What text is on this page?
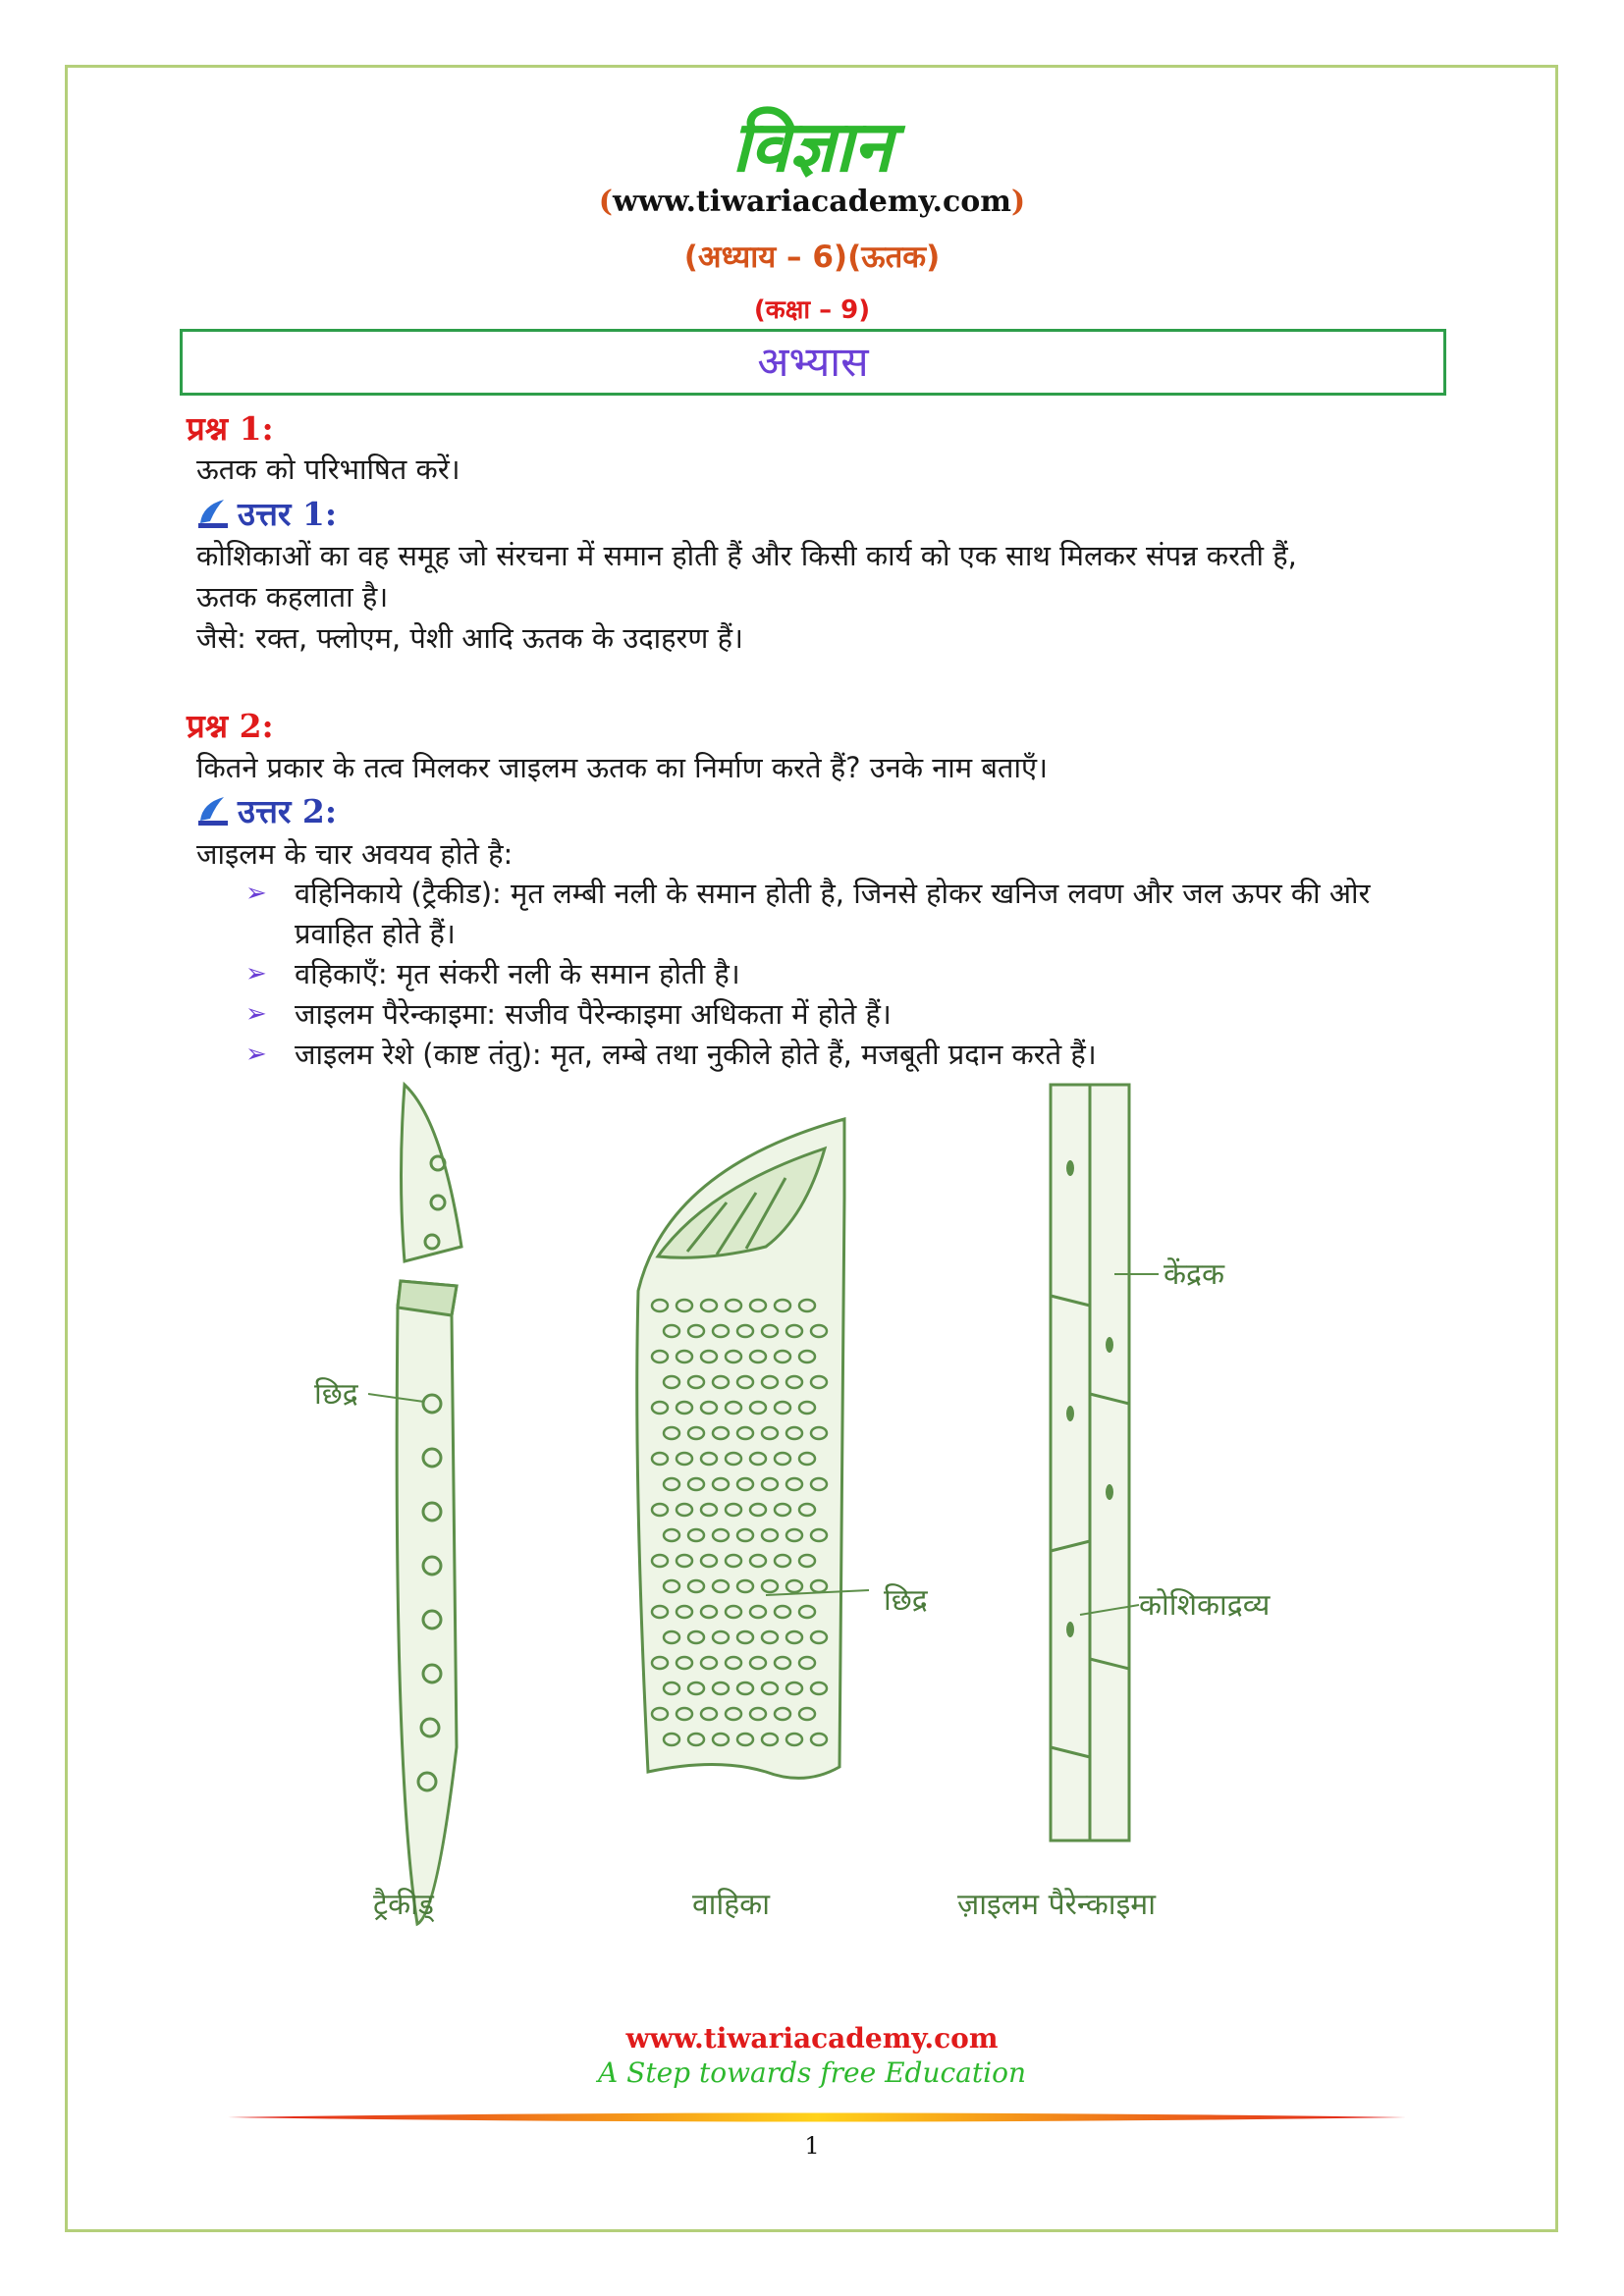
विज्ञान
(www.tiwariacademy.com)
(अध्याय – 6)(ऊतक)
(कक्षा – 9)
अभ्यास
प्रश्न 1:
ऊतक को परिभाषित करें।
उत्तर 1:
कोशिकाओं का वह समूह जो संरचना में समान होती हैं और किसी कार्य को एक साथ मिलकर संपन्न करती हैं,
ऊतक कहलाता है।
जैसे: रक्त, फ्लोएम, पेशी आदि ऊतक के उदाहरण हैं।
प्रश्न 2:
कितने प्रकार के तत्व मिलकर जाइलम ऊतक का निर्माण करते हैं? उनके नाम बताएँ।
उत्तर 2:
जाइलम के चार अवयव होते है:
➢ वहिनिकाये (ट्रैकीड): मृत लम्बी नली के समान होती है, जिनसे होकर खनिज लवण और जल ऊपर की ओर प्रवाहित होते हैं।
➢ वहिकाएँ: मृत संकरी नली के समान होती है।
➢ जाइलम पैरेन्काइमा: सजीव पैरेन्काइमा अधिकता में होते हैं।
➢ जाइलम रेशे (काष्ट तंतु): मृत, लम्बे तथा नुकीले होते हैं, मजबूती प्रदान करते हैं।
छिद्र
छिद्र
केंद्रक
कोशिकाद्रव्य
ट्रैकीड्	वाहिका	ज़ाइलम पैरेन्काइमा
www.tiwariacademy.com
A Step towards free Education
1
